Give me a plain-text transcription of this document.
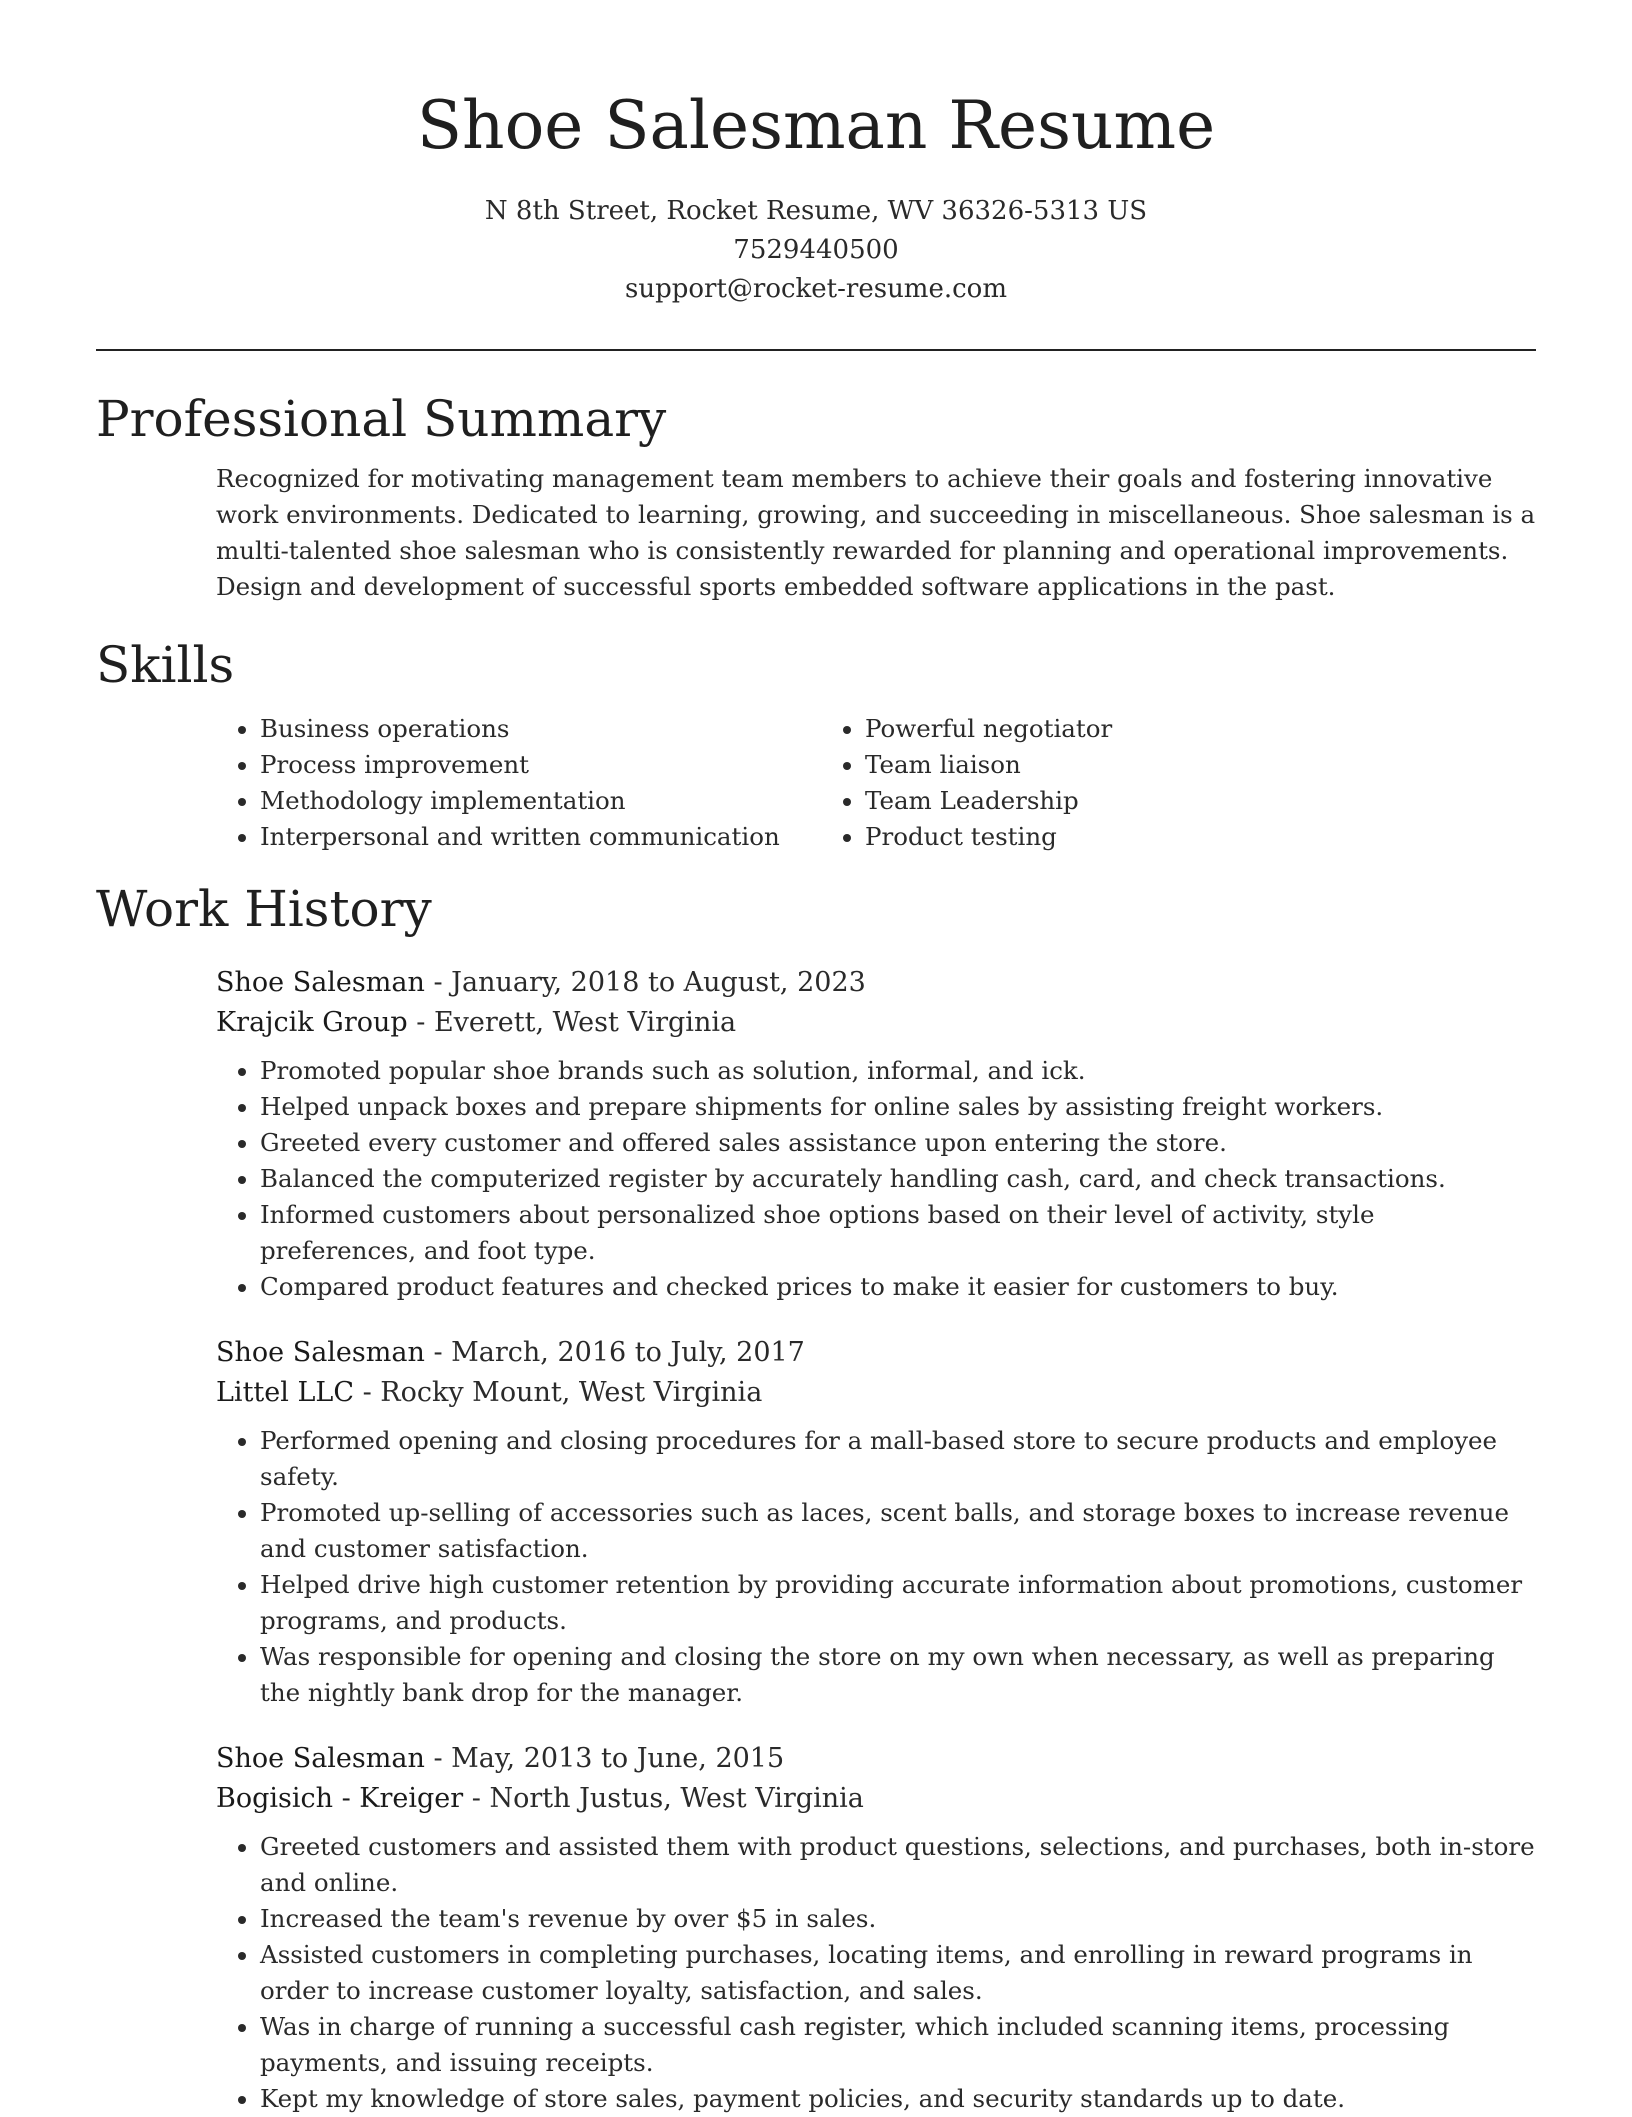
Shoe Salesman Resume
N 8th Street, Rocket Resume, WV 36326-5313 US
7529440500
support@rocket-resume.com
Professional Summary

Recognized for motivating management team members to achieve their goals and fostering innovative work environments. Dedicated to learning, growing, and succeeding in miscellaneous. Shoe salesman is a multi-talented shoe salesman who is consistently rewarded for planning and operational improvements. Design and development of successful sports embedded software applications in the past.

Skills
• Business operations
• Process improvement
• Methodology implementation
• Interpersonal and written communication
• Powerful negotiator
• Team liaison
• Team Leadership
• Product testing
Work History
Shoe Salesman - January, 2018 to August, 2023
Krajcik Group - Everett, West Virginia
• Promoted popular shoe brands such as solution, informal, and ick.
• Helped unpack boxes and prepare shipments for online sales by assisting freight workers.
• Greeted every customer and offered sales assistance upon entering the store.
• Balanced the computerized register by accurately handling cash, card, and check transactions.
• Informed customers about personalized shoe options based on their level of activity, style preferences, and foot type.
• Compared product features and checked prices to make it easier for customers to buy.
Shoe Salesman - March, 2016 to July, 2017
Littel LLC - Rocky Mount, West Virginia
• Performed opening and closing procedures for a mall-based store to secure products and employee safety.
• Promoted up-selling of accessories such as laces, scent balls, and storage boxes to increase revenue and customer satisfaction.
• Helped drive high customer retention by providing accurate information about promotions, customer programs, and products.
• Was responsible for opening and closing the store on my own when necessary, as well as preparing the nightly bank drop for the manager.
Shoe Salesman - May, 2013 to June, 2015
Bogisich - Kreiger - North Justus, West Virginia
• Greeted customers and assisted them with product questions, selections, and purchases, both in-store and online.
• Increased the team's revenue by over $5 in sales.
• Assisted customers in completing purchases, locating items, and enrolling in reward programs in order to increase customer loyalty, satisfaction, and sales.
• Was in charge of running a successful cash register, which included scanning items, processing payments, and issuing receipts.
• Kept my knowledge of store sales, payment policies, and security standards up to date.
